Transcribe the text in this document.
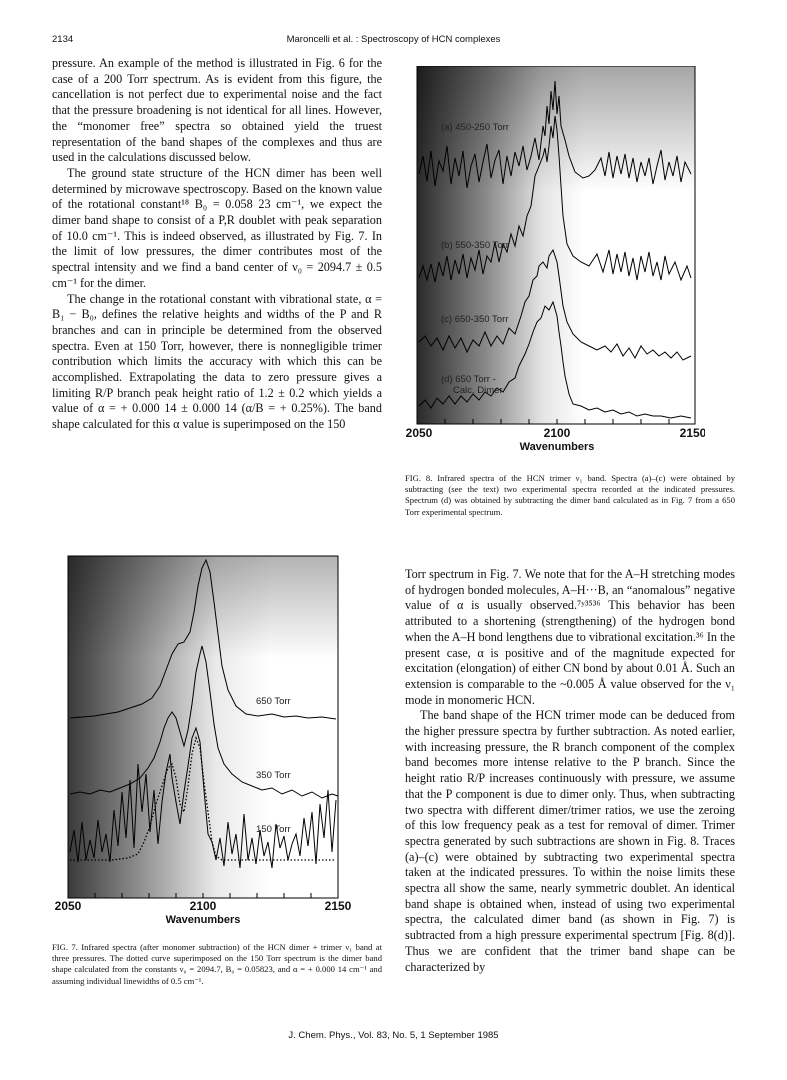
2134	Maroncelli et al. : Spectroscopy of HCN complexes

pressure. An example of the method is illustrated in Fig. 6 for the case of a 200 Torr spectrum. As is evident from this figure, the cancellation is not perfect due to experimental noise and the fact that the pressure broadening is not identical for all lines. However, the “monomer free” spectra so obtained yield the truest representation of the band shapes of the complexes and thus are used in the calculations discussed below.

The ground state structure of the HCN dimer has been well determined by microwave spectroscopy. Based on the known value of the rotational constant¹⁸ B₀ = 0.058 23 cm⁻¹, we expect the dimer band shape to consist of a P,R doublet with peak separation of 10.0 cm⁻¹. This is indeed observed, as illustrated by Fig. 7. In the limit of low pressures, the dimer contributes most of the spectral intensity and we find a band center of ν₀ = 2094.7 ± 0.5 cm⁻¹ for the dimer.

The change in the rotational constant with vibrational state, α = B₁ − B₀, defines the relative heights and widths of the P and R branches and can in principle be determined from the observed spectra. Even at 150 Torr, however, there is nonnegligible trimer contribution which limits the accuracy with which this can be accomplished. Extrapolating the data to zero pressure gives a limiting R/P branch peak height ratio of 1.2 ± 0.2 which yields a value of α = + 0.000 14 ± 0.000 14 (α/B = + 0.25%). The band shape calculated for this α value is superimposed on the 150

(a) 450-250 Torr
(b) 550-350 Torr
(c) 650-350 Torr
(d) 650 Torr -
Calc. Dimer
2050	2100	2150
Wavenumbers
FIG. 8. Infrared spectra of the HCN trimer ν₁ band. Spectra (a)–(c) were obtained by subtracting (see the text) two experimental spectra recorded at the indicated pressures. Spectrum (d) was obtained by subtracting the dimer band calculated as in Fig. 7 from a 650 Torr experimental spectrum.
650 Torr
350 Torr
150 Torr
2050	2100	2150
Wavenumbers
FIG. 7. Infrared spectra (after monomer subtraction) of the HCN dimer + trimer ν₁ band at three pressures. The dotted curve superimposed on the 150 Torr spectrum is the dimer band shape calculated from the constants ν₀ = 2094.7, B₀ = 0.05823, and α = + 0.000 14 cm⁻¹ and assuming individual linewidths of 0.5 cm⁻¹.

Torr spectrum in Fig. 7. We note that for the A–H stretching modes of hydrogen bonded molecules, A–H···B, an “anomalous” negative value of α is usually observed.⁷ʸ³⁵³⁶ This behavior has been attributed to a shortening (strengthening) of the hydrogen bond when the A–H bond lengthens due to vibrational excitation.³⁶ In the present case, α is positive and of the magnitude expected for excitation (elongation) of either CN bond by about 0.01 Å. Such an extension is comparable to the ~0.005 Å value observed for the ν₁ mode in monomeric HCN.

The band shape of the HCN trimer mode can be deduced from the higher pressure spectra by further subtraction. As noted earlier, with increasing pressure, the R branch component of the complex band becomes more intense relative to the P branch. Since the height ratio R/P increases continuously with pressure, we assume that the P component is due to dimer only. Thus, when subtracting two spectra with different dimer/trimer ratios, we use the zeroing of this low frequency peak as a test for removal of dimer. Trimer spectra generated by such subtractions are shown in Fig. 8. Traces (a)–(c) were obtained by subtracting two experimental spectra taken at the indicated pressures. To within the noise limits these spectra all show the same, nearly symmetric doublet. An identical band shape is obtained when, instead of using two experimental spectra, the calculated dimer band (as shown in Fig. 7) is subtracted from a high pressure experimental spectrum [Fig. 8(d)]. Thus we are confident that the trimer band shape can be characterized by

J. Chem. Phys., Vol. 83, No. 5, 1 September 1985
